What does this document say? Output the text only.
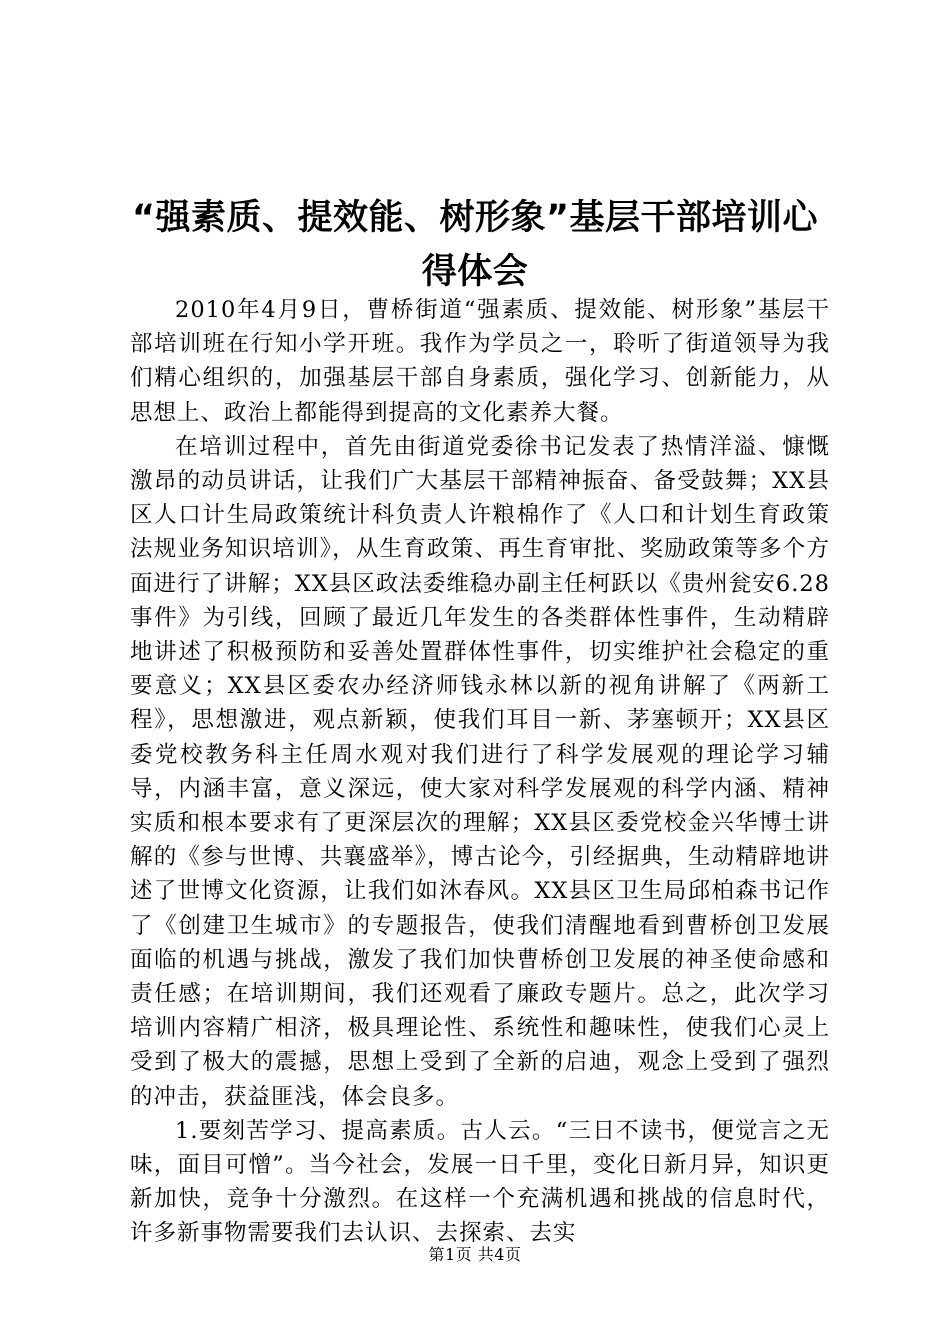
“强素质、提效能、树形象”基层干部培训心得体会

2010年4月9日，曹桥街道“强素质、提效能、树形象”基层干部培训班在行知小学开班。我作为学员之一，聆听了街道领导为我们精心组织的，加强基层干部自身素质，强化学习、创新能力，从思想上、政治上都能得到提高的文化素养大餐。

在培训过程中，首先由街道党委徐书记发表了热情洋溢、慷慨激昂的动员讲话，让我们广大基层干部精神振奋、备受鼓舞；XX县区人口计生局政策统计科负责人许粮棉作了《人口和计划生育政策法规业务知识培训》，从生育政策、再生育审批、奖励政策等多个方面进行了讲解；XX县区政法委维稳办副主任柯跃以《贵州瓮安6.28事件》为引线，回顾了最近几年发生的各类群体性事件，生动精辟地讲述了积极预防和妥善处置群体性事件，切实维护社会稳定的重要意义；XX县区委农办经济师钱永林以新的视角讲解了《两新工程》，思想激进，观点新颖，使我们耳目一新、茅塞顿开；XX县区委党校教务科主任周水观对我们进行了科学发展观的理论学习辅导，内涵丰富，意义深远，使大家对科学发展观的科学内涵、精神实质和根本要求有了更深层次的理解；XX县区委党校金兴华博士讲解的《参与世博、共襄盛举》，博古论今，引经据典，生动精辟地讲述了世博文化资源，让我们如沐春风。XX县区卫生局邱柏森书记作了《创建卫生城市》的专题报告，使我们清醒地看到曹桥创卫发展面临的机遇与挑战，激发了我们加快曹桥创卫发展的神圣使命感和责任感；在培训期间，我们还观看了廉政专题片。总之，此次学习培训内容精广相济，极具理论性、系统性和趣味性，使我们心灵上受到了极大的震撼，思想上受到了全新的启迪，观念上受到了强烈的冲击，获益匪浅，体会良多。

1.要刻苦学习、提高素质。古人云。“三日不读书，便觉言之无味，面目可憎”。当今社会，发展一日千里，变化日新月异，知识更新加快，竞争十分激烈。在这样一个充满机遇和挑战的信息时代，许多新事物需要我们去认识、去探索、去实

第1页 共4页
